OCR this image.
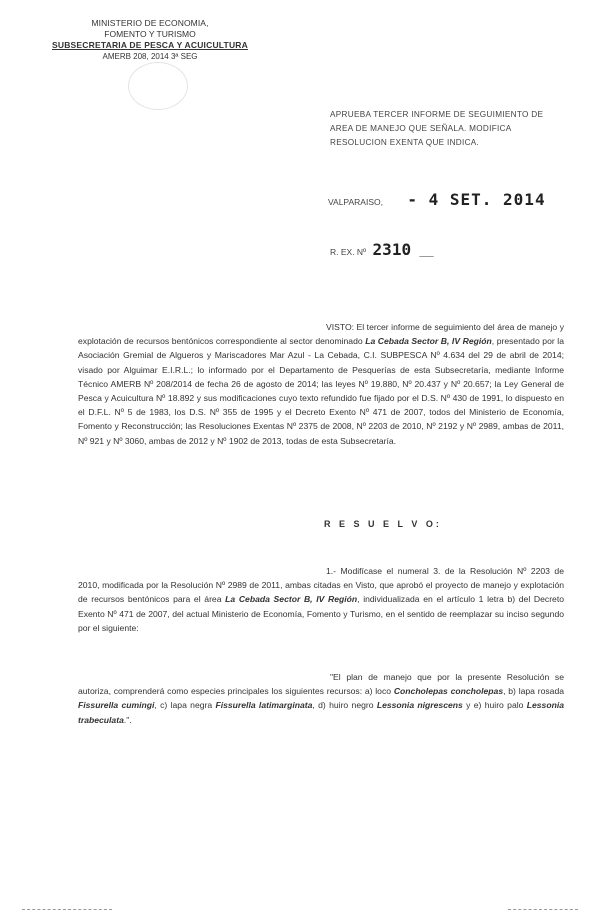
MINISTERIO DE ECONOMIA,
FOMENTO Y TURISMO
SUBSECRETARIA DE PESCA Y ACUICULTURA
AMERB 208, 2014 3ª SEG
APRUEBA TERCER INFORME DE SEGUIMIENTO DE AREA DE MANEJO QUE SEÑALA. MODIFICA RESOLUCION EXENTA QUE INDICA.
VALPARAISO, - 4 SET. 2014
R. EX. Nº 2310 ___
VISTO: El tercer informe de seguimiento del área de manejo y explotación de recursos bentónicos correspondiente al sector denominado La Cebada Sector B, IV Región, presentado por la Asociación Gremial de Algueros y Mariscadores Mar Azul - La Cebada, C.I. SUBPESCA Nº 4.634 del 29 de abril de 2014; visado por Alguimar E.I.R.L.; lo informado por el Departamento de Pesquerías de esta Subsecretaría, mediante Informe Técnico AMERB Nº 208/2014 de fecha 26 de agosto de 2014; las leyes Nº 19.880, Nº 20.437 y Nº 20.657; la Ley General de Pesca y Acuicultura Nº 18.892 y sus modificaciones cuyo texto refundido fue fijado por el D.S. Nº 430 de 1991, lo dispuesto en el D.F.L. Nº 5 de 1983, los D.S. Nº 355 de 1995 y el Decreto Exento Nº 471 de 2007, todos del Ministerio de Economía, Fomento y Reconstrucción; las Resoluciones Exentas Nº 2375 de 2008, Nº 2203 de 2010, Nº 2192 y Nº 2989, ambas de 2011, Nº 921 y Nº 3060, ambas de 2012 y Nº 1902 de 2013, todas de esta Subsecretaría.
R E S U E L V O:
1.- Modifícase el numeral 3. de la Resolución Nº 2203 de 2010, modificada por la Resolución Nº 2989 de 2011, ambas citadas en Visto, que aprobó el proyecto de manejo y explotación de recursos bentónicos para el área La Cebada Sector B, IV Región, individualizada en el artículo 1 letra b) del Decreto Exento Nº 471 de 2007, del actual Ministerio de Economía, Fomento y Turismo, en el sentido de reemplazar su inciso segundo por el siguiente:
"El plan de manejo que por la presente Resolución se autoriza, comprenderá como especies principales los siguientes recursos: a) loco Concholepas concholepas, b) lapa rosada Fissurella cumingi, c) lapa negra Fissurella latimarginata, d) huiro negro Lessonia nigrescens y e) huiro palo Lessonia trabeculata.".
